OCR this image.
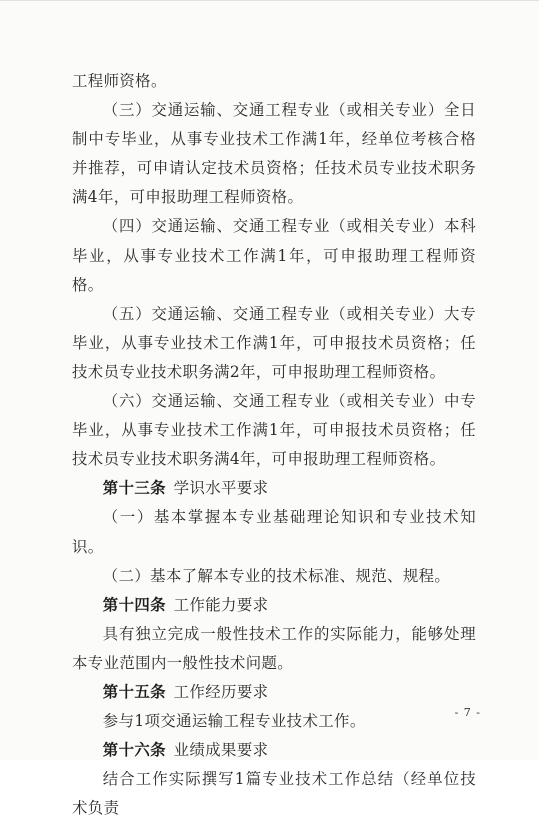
工程师资格。

（三）交通运输、交通工程专业（或相关专业）全日制中专毕业，从事专业技术工作满1年，经单位考核合格并推荐，可申请认定技术员资格；任技术员专业技术职务满4年，可申报助理工程师资格。

（四）交通运输、交通工程专业（或相关专业）本科毕业，从事专业技术工作满1年，可申报助理工程师资格。

（五）交通运输、交通工程专业（或相关专业）大专毕业，从事专业技术工作满1年，可申报技术员资格；任技术员专业技术职务满2年，可申报助理工程师资格。

（六）交通运输、交通工程专业（或相关专业）中专毕业，从事专业技术工作满1年，可申报技术员资格；任技术员专业技术职务满4年，可申报助理工程师资格。

第十三条 学识水平要求

（一）基本掌握本专业基础理论知识和专业技术知识。

（二）基本了解本专业的技术标准、规范、规程。

第十四条 工作能力要求

具有独立完成一般性技术工作的实际能力，能够处理本专业范围内一般性技术问题。

第十五条 工作经历要求

参与1项交通运输工程专业技术工作。

第十六条 业绩成果要求

结合工作实际撰写1篇专业技术工作总结（经单位技术负责

- 7 -
